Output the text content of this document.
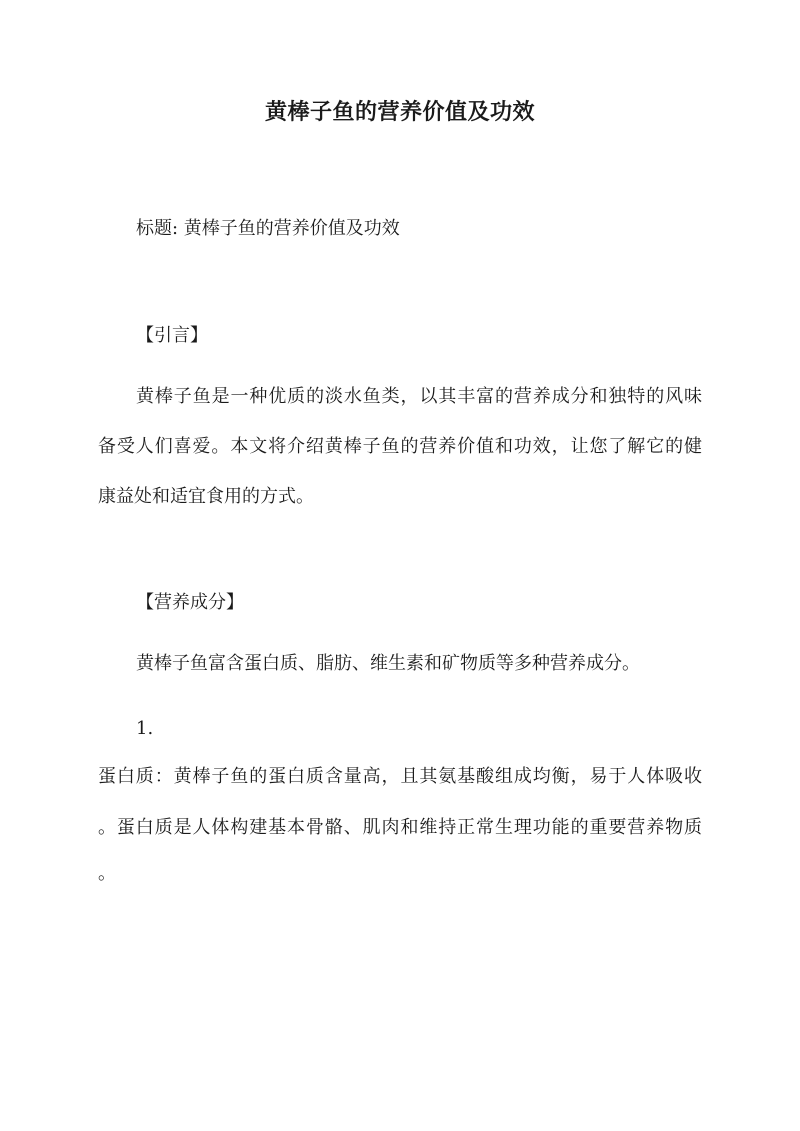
黄棒子鱼的营养价值及功效

标题: 黄棒子鱼的营养价值及功效

【引言】

黄棒子鱼是一种优质的淡水鱼类，以其丰富的营养成分和独特的风味

备受人们喜爱。本文将介绍黄棒子鱼的营养价值和功效，让您了解它的健

康益处和适宜食用的方式。

【营养成分】

黄棒子鱼富含蛋白质、脂肪、维生素和矿物质等多种营养成分。

1.

蛋白质：黄棒子鱼的蛋白质含量高，且其氨基酸组成均衡，易于人体吸收

。蛋白质是人体构建基本骨骼、肌肉和维持正常生理功能的重要营养物质

。
